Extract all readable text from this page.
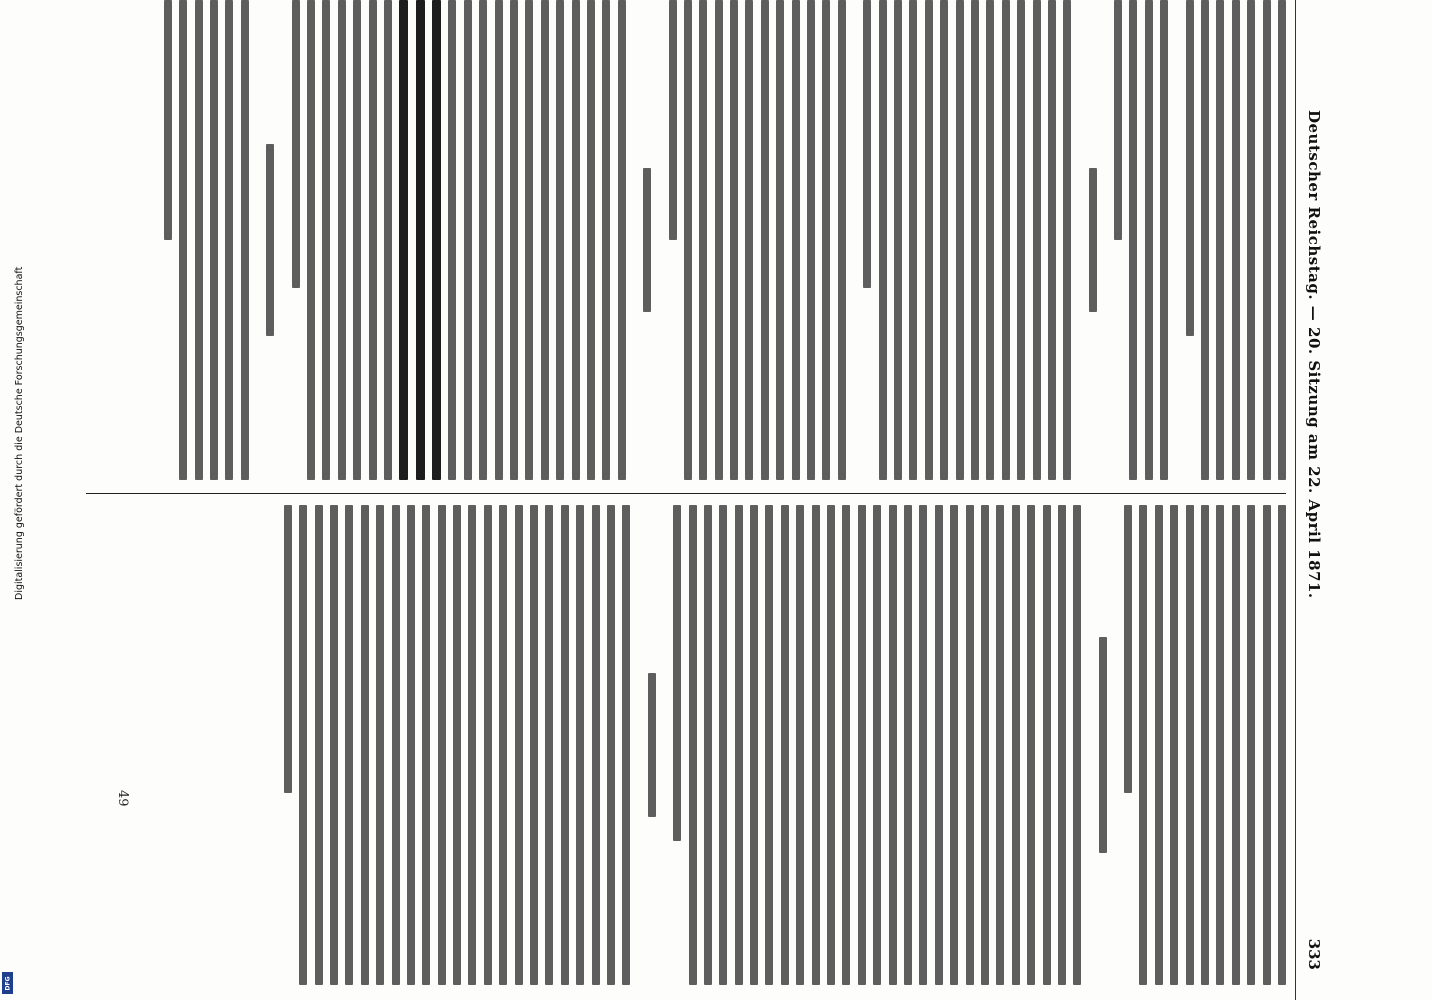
Deutscher Reichstag. — 20. Sitzung am 22. April 1871.
333
49
Digitalisierung gefördert durch die Deutsche Forschungsgemeinschaft
DFG
